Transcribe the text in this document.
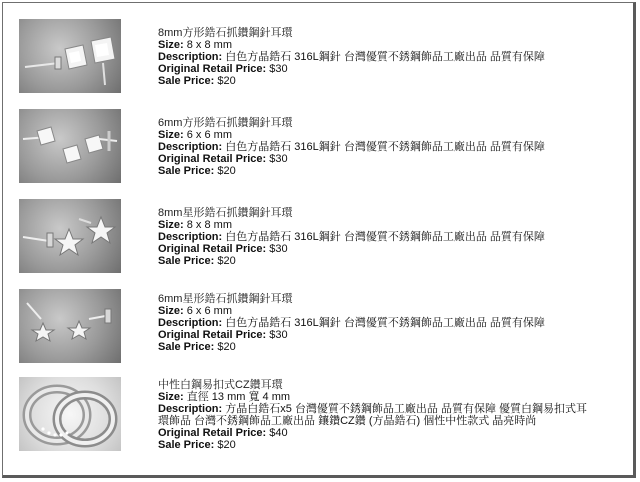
8mm方形鋯石抓鑽鋼針耳環
Size: 8 x 8 mm
Description: 白色方晶鋯石 316L鋼針 台灣優質不銹鋼飾品工廠出品 品質有保障
Original Retail Price: $30
Sale Price: $20
6mm方形鋯石抓鑽鋼針耳環
Size: 6 x 6 mm
Description: 白色方晶鋯石 316L鋼針 台灣優質不銹鋼飾品工廠出品 品質有保障
Original Retail Price: $30
Sale Price: $20
8mm星形鋯石抓鑽鋼針耳環
Size: 8 x 8 mm
Description: 白色方晶鋯石 316L鋼針 台灣優質不銹鋼飾品工廠出品 品質有保障
Original Retail Price: $30
Sale Price: $20
6mm星形鋯石抓鑽鋼針耳環
Size: 6 x 6 mm
Description: 白色方晶鋯石 316L鋼針 台灣優質不銹鋼飾品工廠出品 品質有保障
Original Retail Price: $30
Sale Price: $20
中性白鋼易扣式CZ鑽耳環
Size: 直徑 13 mm 寬 4 mm
Description: 方晶白鋯石x5 台灣優質不銹鋼飾品工廠出品 品質有保障 優質白鋼易扣式耳環飾品 台灣不銹鋼飾品工廠出品 鑲鑽CZ鑽 (方晶鋯石) 個性中性款式 晶亮時尚
Original Retail Price: $40
Sale Price: $20
